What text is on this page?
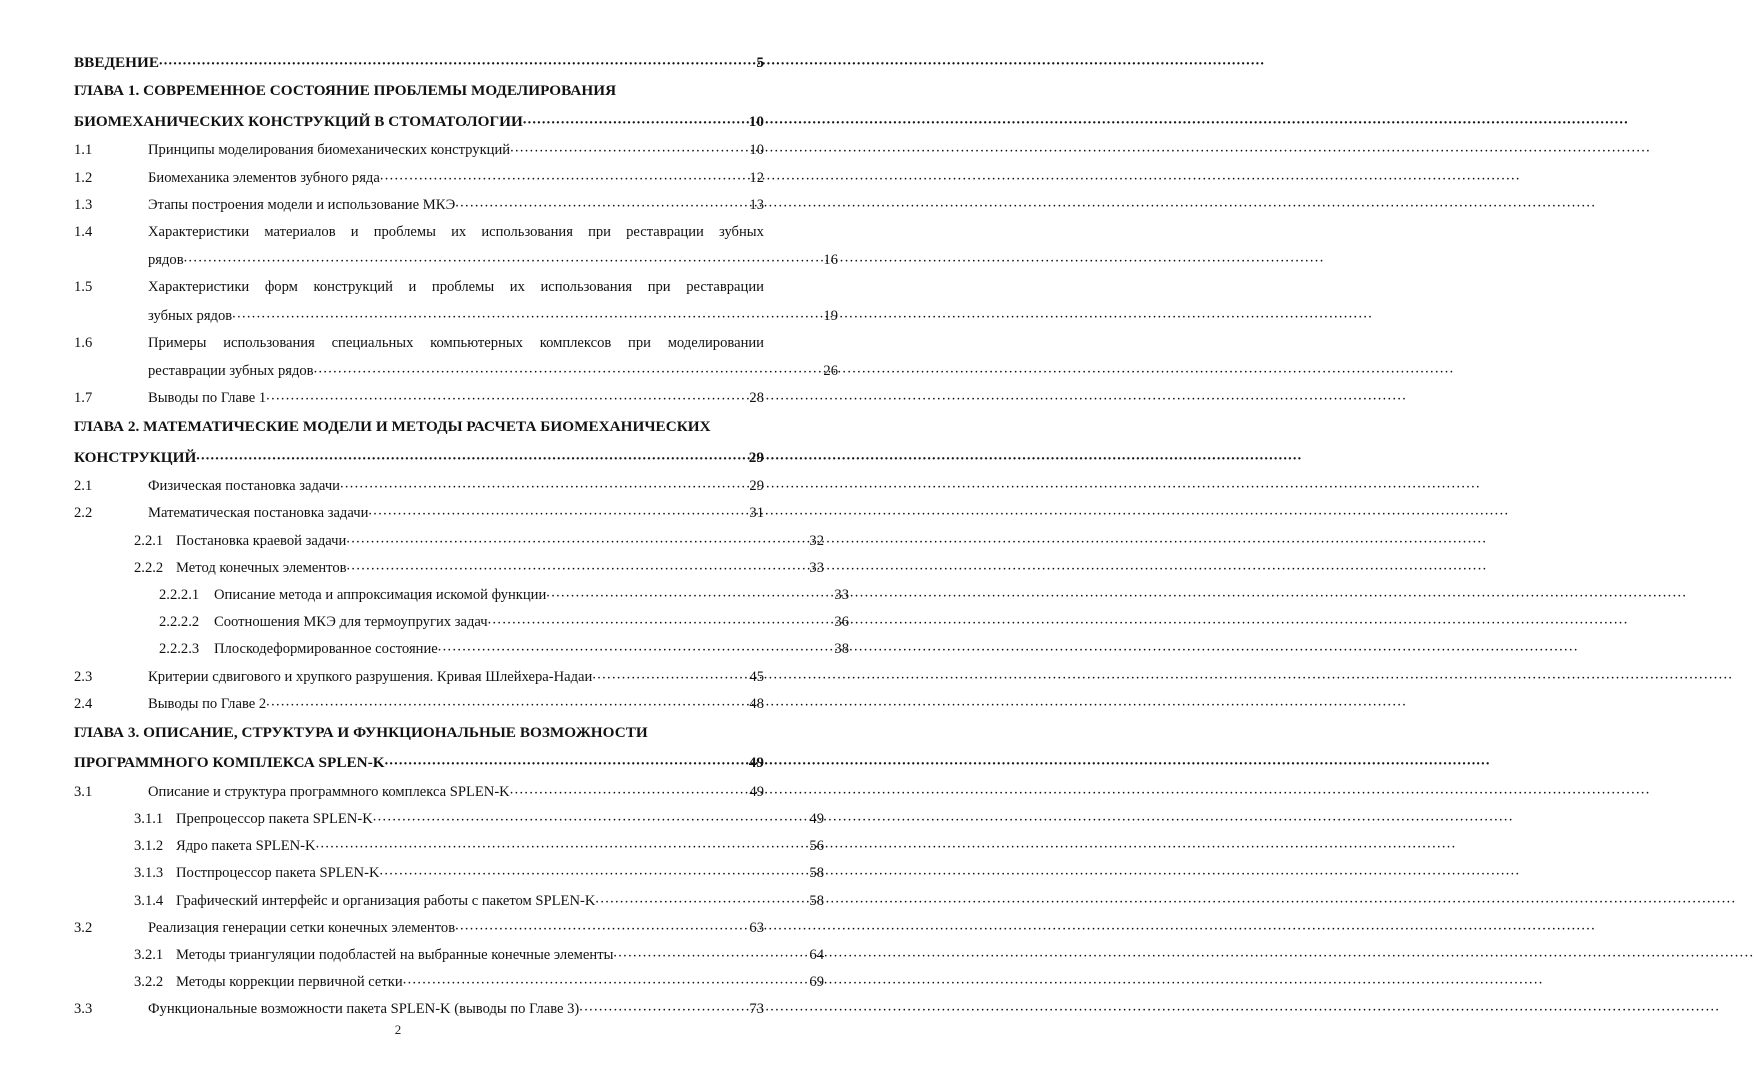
ВВЕДЕНИЕ .....	5
ГЛАВА 1. СОВРЕМЕННОЕ СОСТОЯНИЕ ПРОБЛЕМЫ МОДЕЛИРОВАНИЯ
БИОМЕХАНИЧЕСКИХ КОНСТРУКЦИЙ В СТОМАТОЛОГИИ .....	10
1.1	Принципы моделирования биомеханических конструкций .....	10
1.2	Биомеханика элементов зубного ряда .....	12
1.3	Этапы построения модели и использование МКЭ .....	13
1.4	Характеристики материалов и проблемы их использования при реставрации зубных
рядов .....	16
1.5	Характеристики форм конструкций и проблемы их использования при реставрации
зубных рядов .....	19
1.6	Примеры использования специальных компьютерных комплексов при моделировании
реставрации зубных рядов .....	26
1.7	Выводы по Главе 1 .....	28
ГЛАВА 2. МАТЕМАТИЧЕСКИЕ МОДЕЛИ И МЕТОДЫ РАСЧЕТА БИОМЕХАНИЧЕСКИХ
КОНСТРУКЦИЙ .....	29
2.1	Физическая постановка задачи .....	29
2.2	Математическая постановка задачи .....	31
2.2.1 Постановка краевой задачи .....	32
2.2.2 Метод конечных элементов .....	33
2.2.2.1	Описание метода и аппроксимация искомой функции .....	33
2.2.2.2	Соотношения МКЭ для термоупругих задач .....	36
2.2.2.3	Плоскодеформированное состояние .....	38
2.3	Критерии сдвигового и хрупкого разрушения. Кривая Шлейхера-Надаи .....	45
2.4	Выводы по Главе 2 .....	48
ГЛАВА 3. ОПИСАНИЕ, СТРУКТУРА И ФУНКЦИОНАЛЬНЫЕ ВОЗМОЖНОСТИ
ПРОГРАММНОГО КОМПЛЕКСА SPLEN-K .....	49
3.1	Описание и структура программного комплекса SPLEN-K .....	49
3.1.1 Препроцессор пакета SPLEN-K .....	49
3.1.2 Ядро пакета SPLEN-K .....	56
3.1.3 Постпроцессор пакета SPLEN-K .....	58
3.1.4 Графический интерфейс и организация работы с пакетом SPLEN-K .....	58
3.2	Реализация генерации сетки конечных элементов .....	63
3.2.1 Методы триангуляции подобластей на выбранные конечные элементы .....	64
3.2.2 Методы коррекции первичной сетки .....	69
3.3	Функциональные возможности пакета SPLEN-K (выводы по Главе 3) .....	73
2
